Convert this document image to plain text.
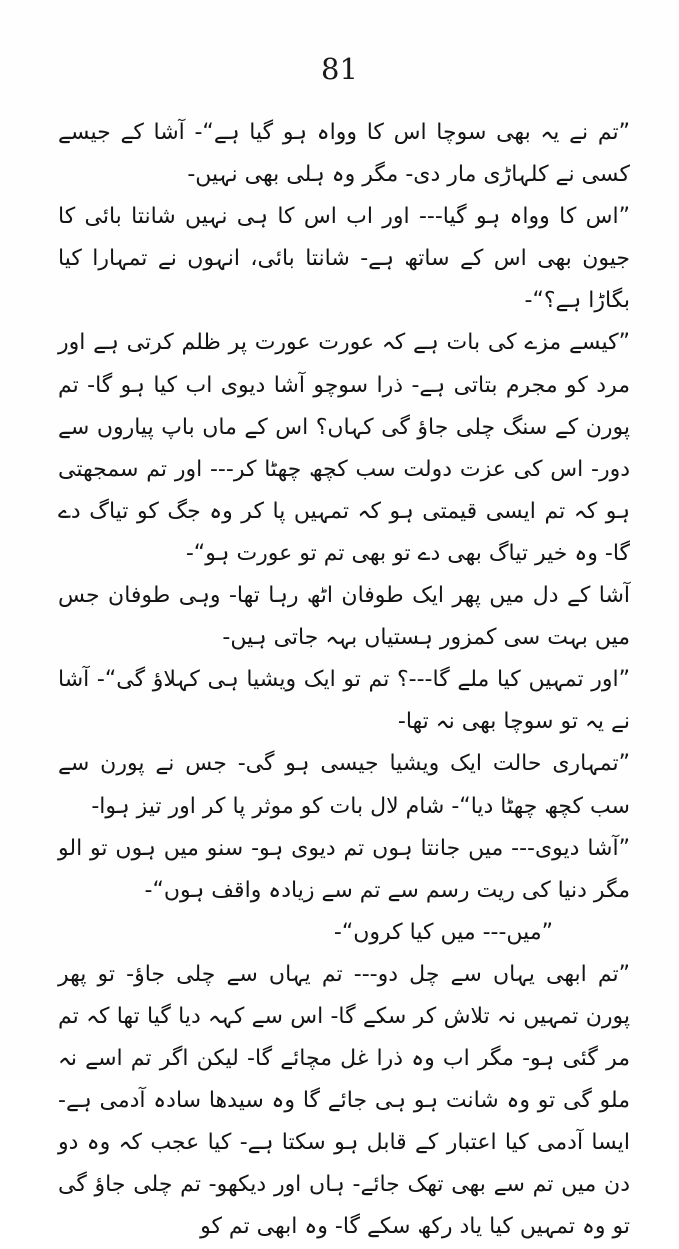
81

”تم نے یہ بھی سوچا اس کا وواہ ہو گیا ہے“- آشا کے جیسے کسی نے کلہاڑی مار دی- مگر وہ ہلی بھی نہیں-

”اس کا وواہ ہو گیا--- اور اب اس کا ہی نہیں شانتا بائی کا جیون بھی اس کے ساتھ ہے- شانتا بائی، انہوں نے تمہارا کیا بگاڑا ہے؟“-

”کیسے مزے کی بات ہے کہ عورت عورت پر ظلم کرتی ہے اور مرد کو مجرم بتاتی ہے- ذرا سوچو آشا دیوی اب کیا ہو گا- تم پورن کے سنگ چلی جاؤ گی کہاں؟ اس کے ماں باپ پیاروں سے دور- اس کی عزت دولت سب کچھ چھٹا کر--- اور تم سمجھتی ہو کہ تم ایسی قیمتی ہو کہ تمہیں پا کر وہ جگ کو تیاگ دے گا- وہ خیر تیاگ بھی دے تو بھی تم تو عورت ہو“-

آشا کے دل میں پھر ایک طوفان اٹھ رہا تھا- وہی طوفان جس میں بہت سی کمزور ہستیاں بہہ جاتی ہیں-

”اور تمہیں کیا ملے گا---؟ تم تو ایک ویشیا ہی کہلاؤ گی“- آشا نے یہ تو سوچا بھی نہ تھا-

”تمہاری حالت ایک ویشیا جیسی ہو گی- جس نے پورن سے سب کچھ چھٹا دیا“- شام لال بات کو موثر پا کر اور تیز ہوا-

”آشا دیوی--- میں جانتا ہوں تم دیوی ہو- سنو میں ہوں تو الو مگر دنیا کی ریت رسم سے تم سے زیادہ واقف ہوں“-

”میں--- میں کیا کروں“-

”تم ابھی یہاں سے چل دو--- تم یہاں سے چلی جاؤ- تو پھر پورن تمہیں نہ تلاش کر سکے گا- اس سے کہہ دیا گیا تھا کہ تم مر گئی ہو- مگر اب وہ ذرا غل مچائے گا- لیکن اگر تم اسے نہ ملو گی تو وہ شانت ہو ہی جائے گا وہ سیدھا سادہ آدمی ہے- ایسا آدمی کیا اعتبار کے قابل ہو سکتا ہے- کیا عجب کہ وہ دو دن میں تم سے بھی تھک جائے- ہاں اور دیکھو- تم چلی جاؤ گی تو وہ تمہیں کیا یاد رکھ سکے گا- وہ ابھی تم کو
